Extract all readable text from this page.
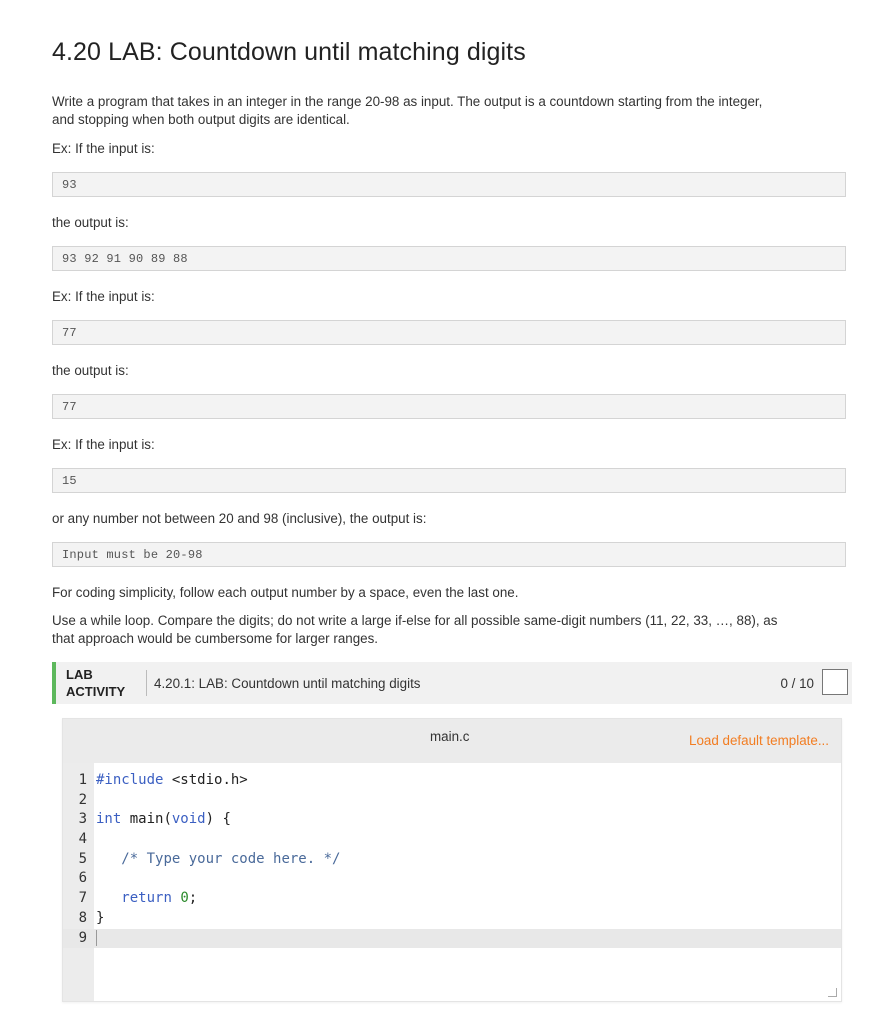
4.20 LAB: Countdown until matching digits
Write a program that takes in an integer in the range 20-98 as input. The output is a countdown starting from the integer,
and stopping when both output digits are identical.
Ex: If the input is:
93
the output is:
93 92 91 90 89 88
Ex: If the input is:
77
the output is:
77
Ex: If the input is:
15
or any number not between 20 and 98 (inclusive), the output is:
Input must be 20-98
For coding simplicity, follow each output number by a space, even the last one.
Use a while loop. Compare the digits; do not write a large if-else for all possible same-digit numbers (11, 22, 33, …, 88), as
that approach would be cumbersome for larger ranges.
LAB
ACTIVITY
4.20.1: LAB: Countdown until matching digits	0 / 10
main.c	Load default template...
1 #include <stdio.h>
2
3 int main(void) {
4
5	/* Type your code here. */
6
7	return 0;
8 }
9
